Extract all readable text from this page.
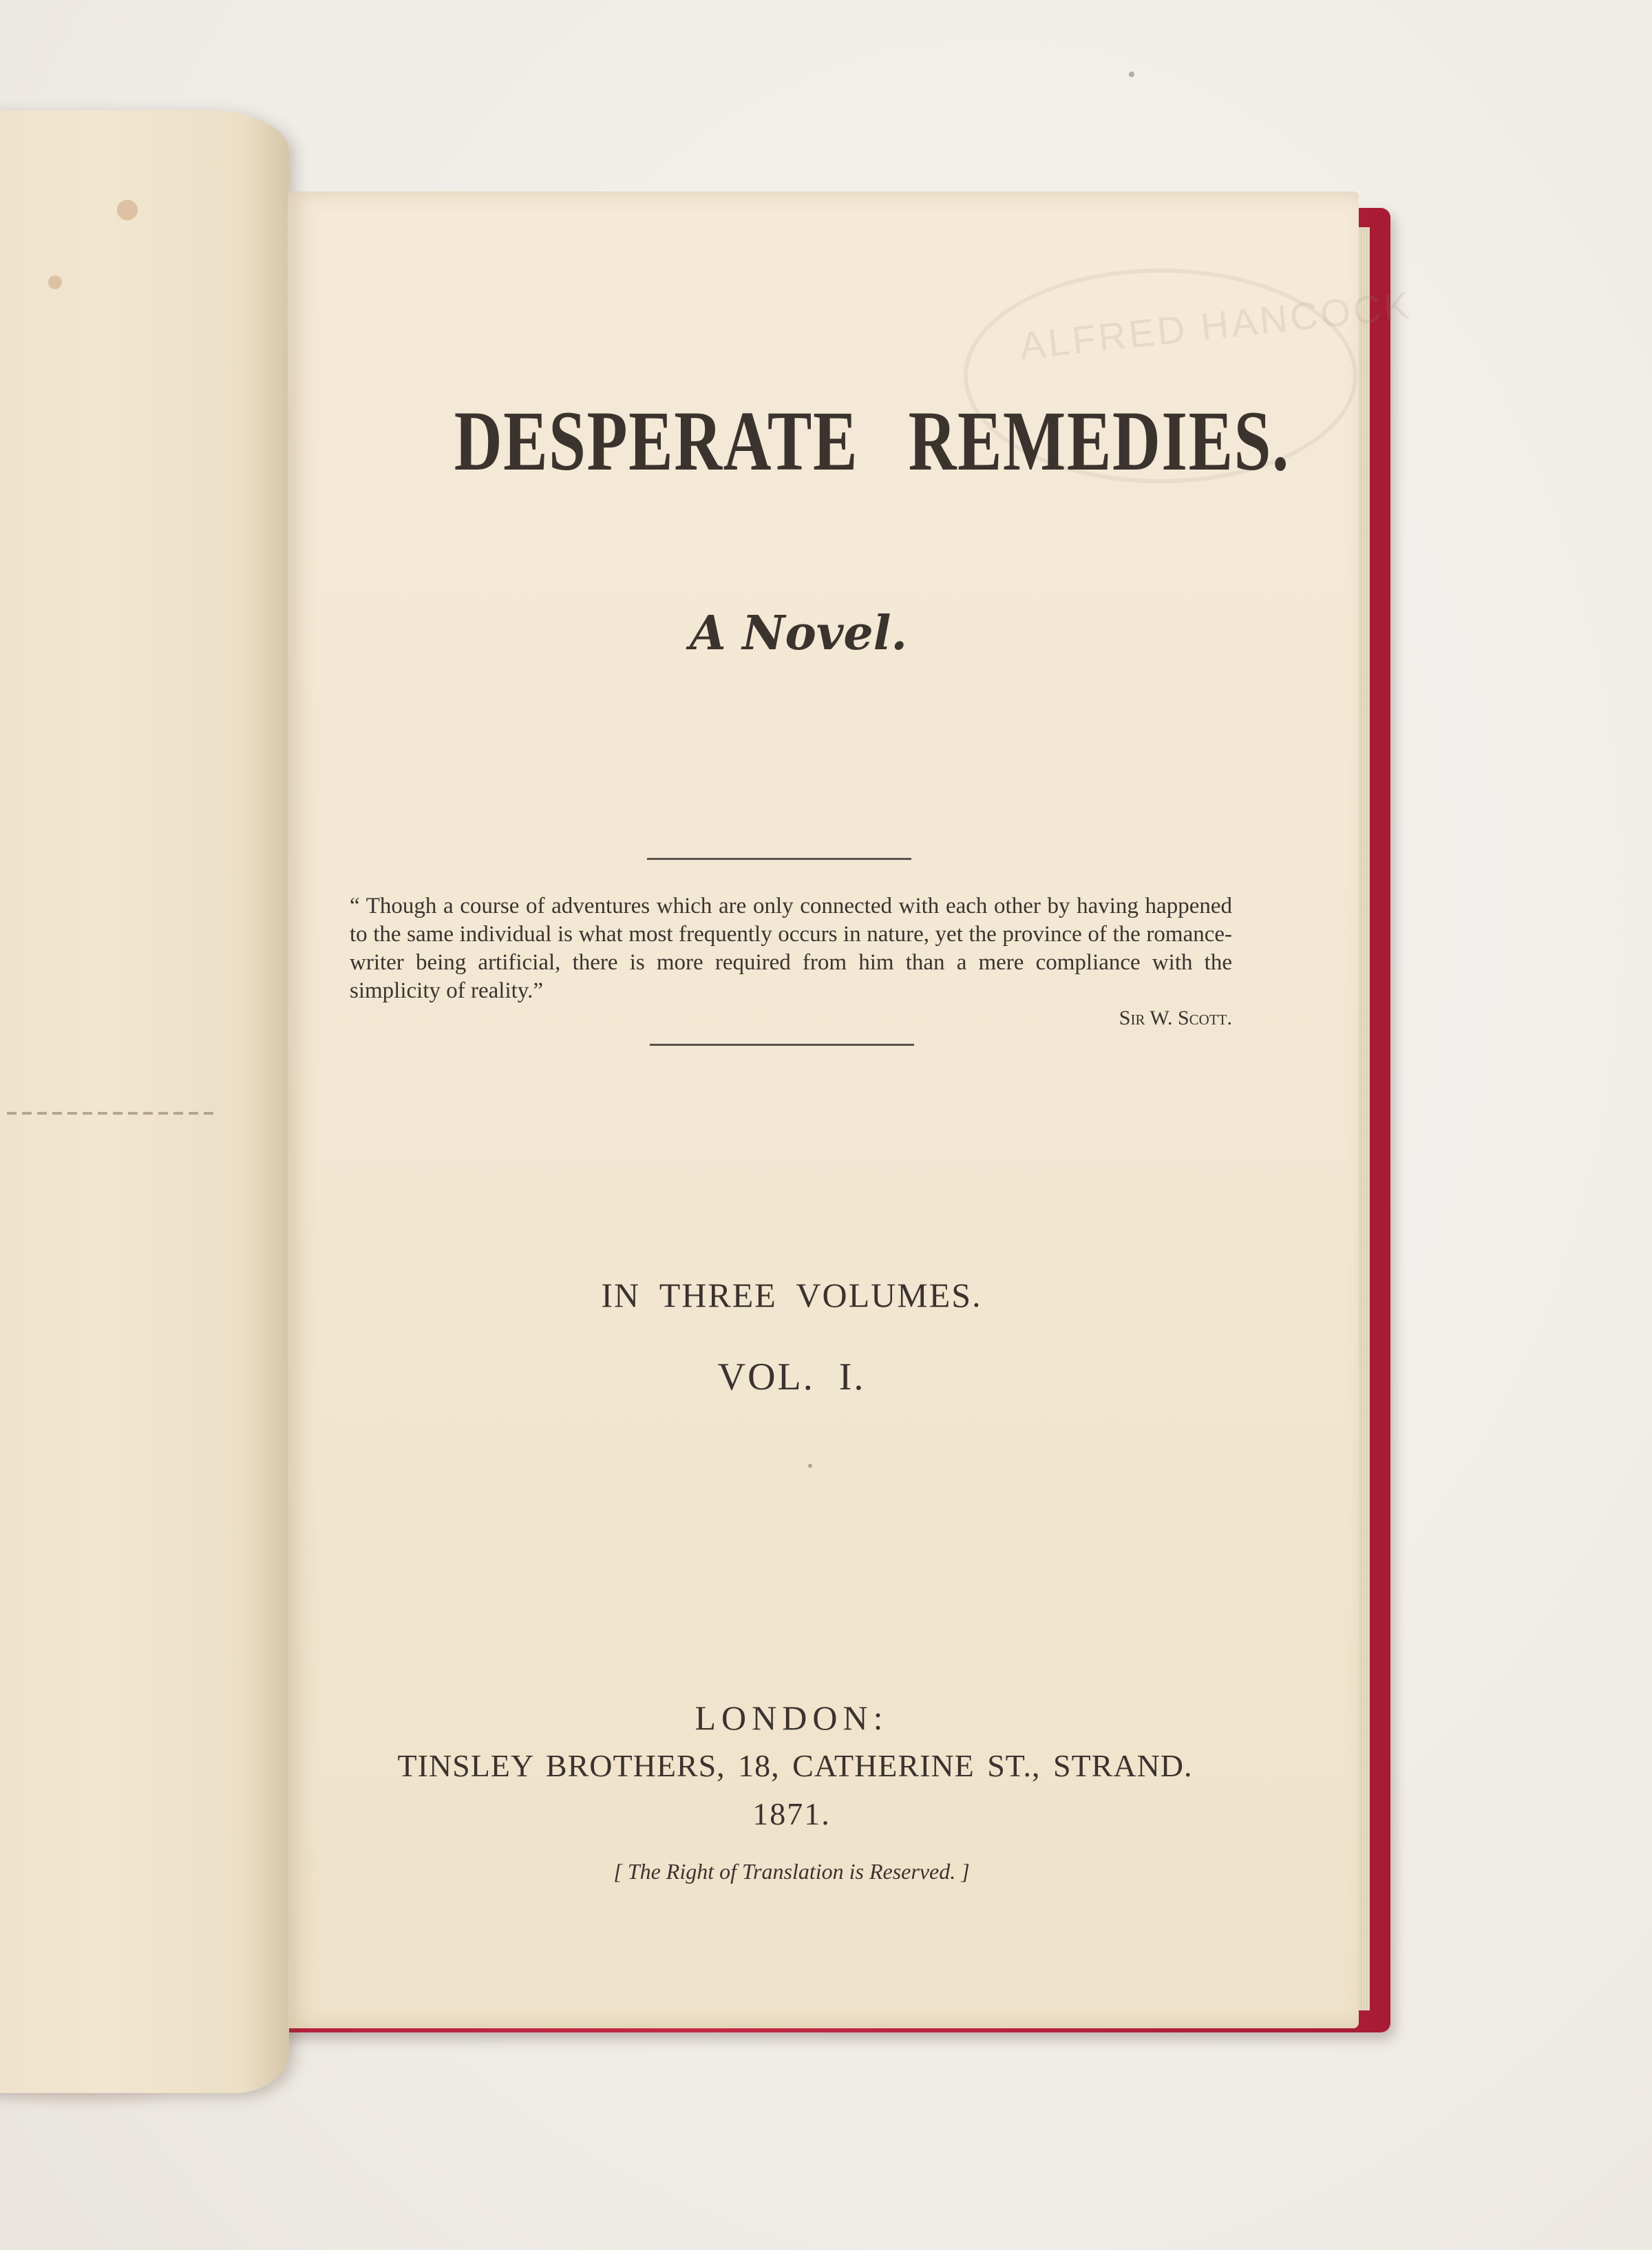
ALFRED HANCOCK
DESPERATE REMEDIES.
A Novel.
“ Though a course of adventures which are only connected with each other by having happened to the same individual is what most frequently occurs in nature, yet the province of the romance-writer being artificial, there is more required from him than a mere compliance with the simplicity of reality.”
Sir W. Scott.
IN THREE VOLUMES.
VOL. I.
LONDON:
TINSLEY BROTHERS, 18, CATHERINE ST., STRAND.
1871.
[ The Right of Translation is Reserved. ]
